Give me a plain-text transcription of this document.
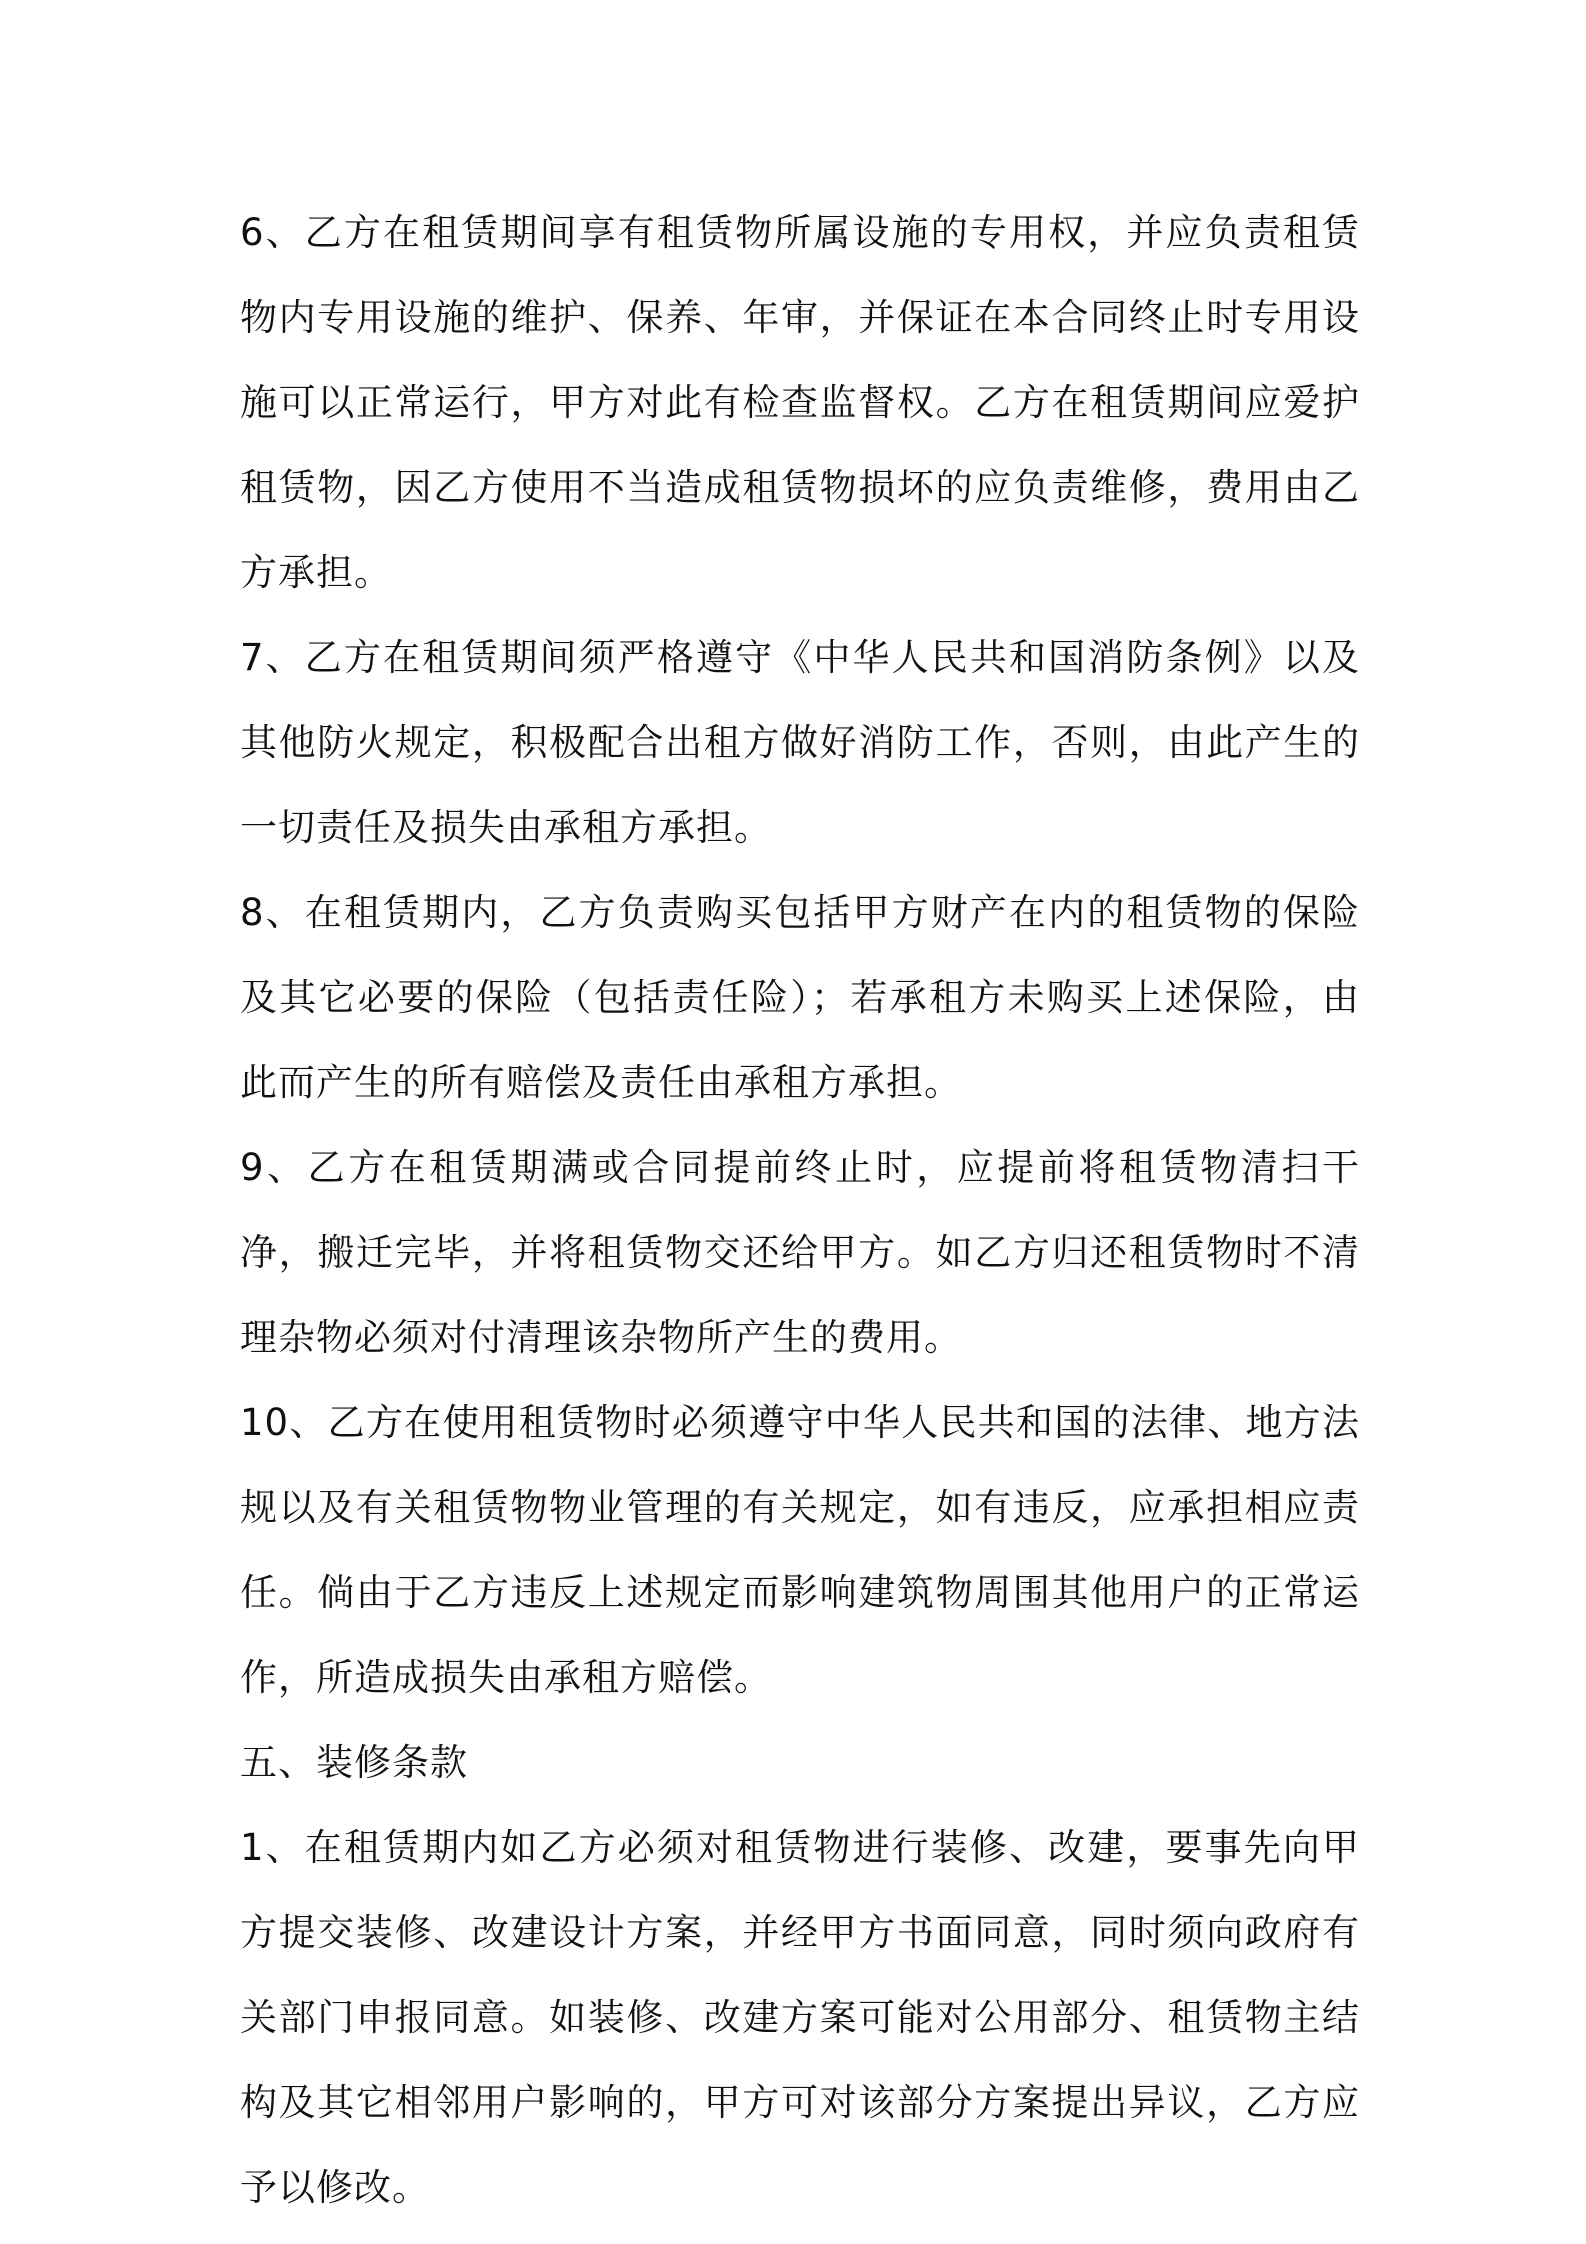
6、乙方在租赁期间享有租赁物所属设施的专用权，并应负责租赁物内专用设施的维护、保养、年审，并保证在本合同终止时专用设施可以正常运行，甲方对此有检查监督权。乙方在租赁期间应爱护租赁物，因乙方使用不当造成租赁物损坏的应负责维修，费用由乙方承担。

7、乙方在租赁期间须严格遵守《中华人民共和国消防条例》以及其他防火规定，积极配合出租方做好消防工作，否则，由此产生的一切责任及损失由承租方承担。

8、在租赁期内，乙方负责购买包括甲方财产在内的租赁物的保险及其它必要的保险（包括责任险）；若承租方未购买上述保险，由此而产生的所有赔偿及责任由承租方承担。

9、乙方在租赁期满或合同提前终止时，应提前将租赁物清扫干净，搬迁完毕，并将租赁物交还给甲方。如乙方归还租赁物时不清理杂物必须对付清理该杂物所产生的费用。

10、乙方在使用租赁物时必须遵守中华人民共和国的法律、地方法规以及有关租赁物物业管理的有关规定，如有违反，应承担相应责任。倘由于乙方违反上述规定而影响建筑物周围其他用户的正常运作，所造成损失由承租方赔偿。

五、装修条款

1、在租赁期内如乙方必须对租赁物进行装修、改建，要事先向甲方提交装修、改建设计方案，并经甲方书面同意，同时须向政府有关部门申报同意。如装修、改建方案可能对公用部分、租赁物主结构及其它相邻用户影响的，甲方可对该部分方案提出异议，乙方应予以修改。
